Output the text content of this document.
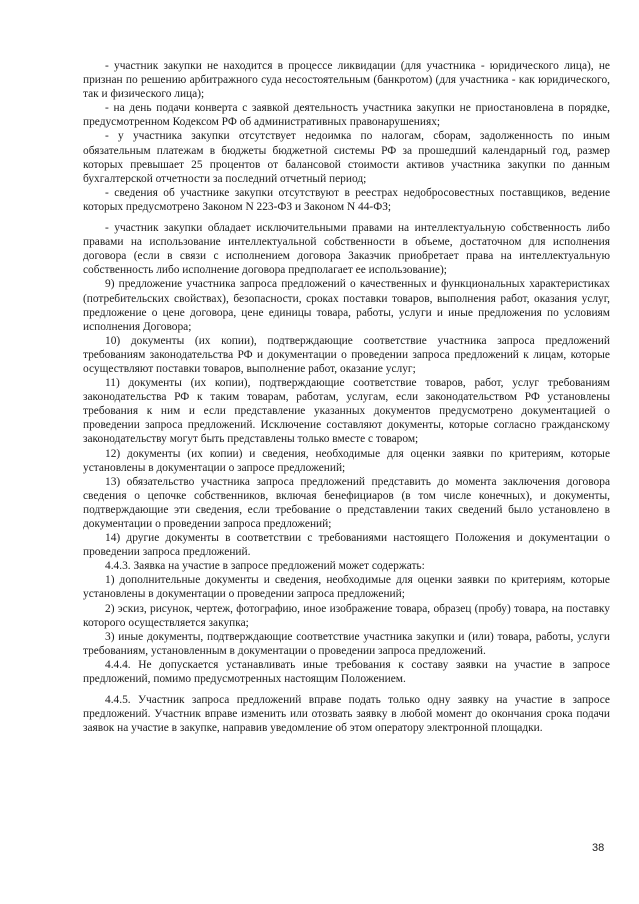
- участник закупки не находится в процессе ликвидации (для участника - юридического лица), не признан по решению арбитражного суда несостоятельным (банкротом) (для участника - как юридического, так и физического лица);

- на день подачи конверта с заявкой деятельность участника закупки не приостановлена в порядке, предусмотренном Кодексом РФ об административных правонарушениях;

- у участника закупки отсутствует недоимка по налогам, сборам, задолженность по иным обязательным платежам в бюджеты бюджетной системы РФ за прошедший календарный год, размер которых превышает 25 процентов от балансовой стоимости активов участника закупки по данным бухгалтерской отчетности за последний отчетный период;

- сведения об участнике закупки отсутствуют в реестрах недобросовестных поставщиков, ведение которых предусмотрено Законом N 223-ФЗ и Законом N 44-ФЗ;

- участник закупки обладает исключительными правами на интеллектуальную собственность либо правами на использование интеллектуальной собственности в объеме, достаточном для исполнения договора (если в связи с исполнением договора Заказчик приобретает права на интеллектуальную собственность либо исполнение договора предполагает ее использование);

9) предложение участника запроса предложений о качественных и функциональных характеристиках (потребительских свойствах), безопасности, сроках поставки товаров, выполнения работ, оказания услуг, предложение о цене договора, цене единицы товара, работы, услуги и иные предложения по условиям исполнения Договора;

10) документы (их копии), подтверждающие соответствие участника запроса предложений требованиям законодательства РФ и документации о проведении запроса предложений к лицам, которые осуществляют поставки товаров, выполнение работ, оказание услуг;

11) документы (их копии), подтверждающие соответствие товаров, работ, услуг требованиям законодательства РФ к таким товарам, работам, услугам, если законодательством РФ установлены требования к ним и если представление указанных документов предусмотрено документацией о проведении запроса предложений. Исключение составляют документы, которые согласно гражданскому законодательству могут быть представлены только вместе с товаром;

12) документы (их копии) и сведения, необходимые для оценки заявки по критериям, которые установлены в документации о запросе предложений;

13) обязательство участника запроса предложений представить до момента заключения договора сведения о цепочке собственников, включая бенефициаров (в том числе конечных), и документы, подтверждающие эти сведения, если требование о представлении таких сведений было установлено в документации о проведении запроса предложений;

14) другие документы в соответствии с требованиями настоящего Положения и документации о проведении запроса предложений.

4.4.3. Заявка на участие в запросе предложений может содержать:

1) дополнительные документы и сведения, необходимые для оценки заявки по критериям, которые установлены в документации о проведении запроса предложений;

2) эскиз, рисунок, чертеж, фотографию, иное изображение товара, образец (пробу) товара, на поставку которого осуществляется закупка;

3) иные документы, подтверждающие соответствие участника закупки и (или) товара, работы, услуги требованиям, установленным в документации о проведении запроса предложений.

4.4.4. Не допускается устанавливать иные требования к составу заявки на участие в запросе предложений, помимо предусмотренных настоящим Положением.

4.4.5. Участник запроса предложений вправе подать только одну заявку на участие в запросе предложений. Участник вправе изменить или отозвать заявку в любой момент до окончания срока подачи заявок на участие в закупке, направив уведомление об этом оператору электронной площадки.

38
